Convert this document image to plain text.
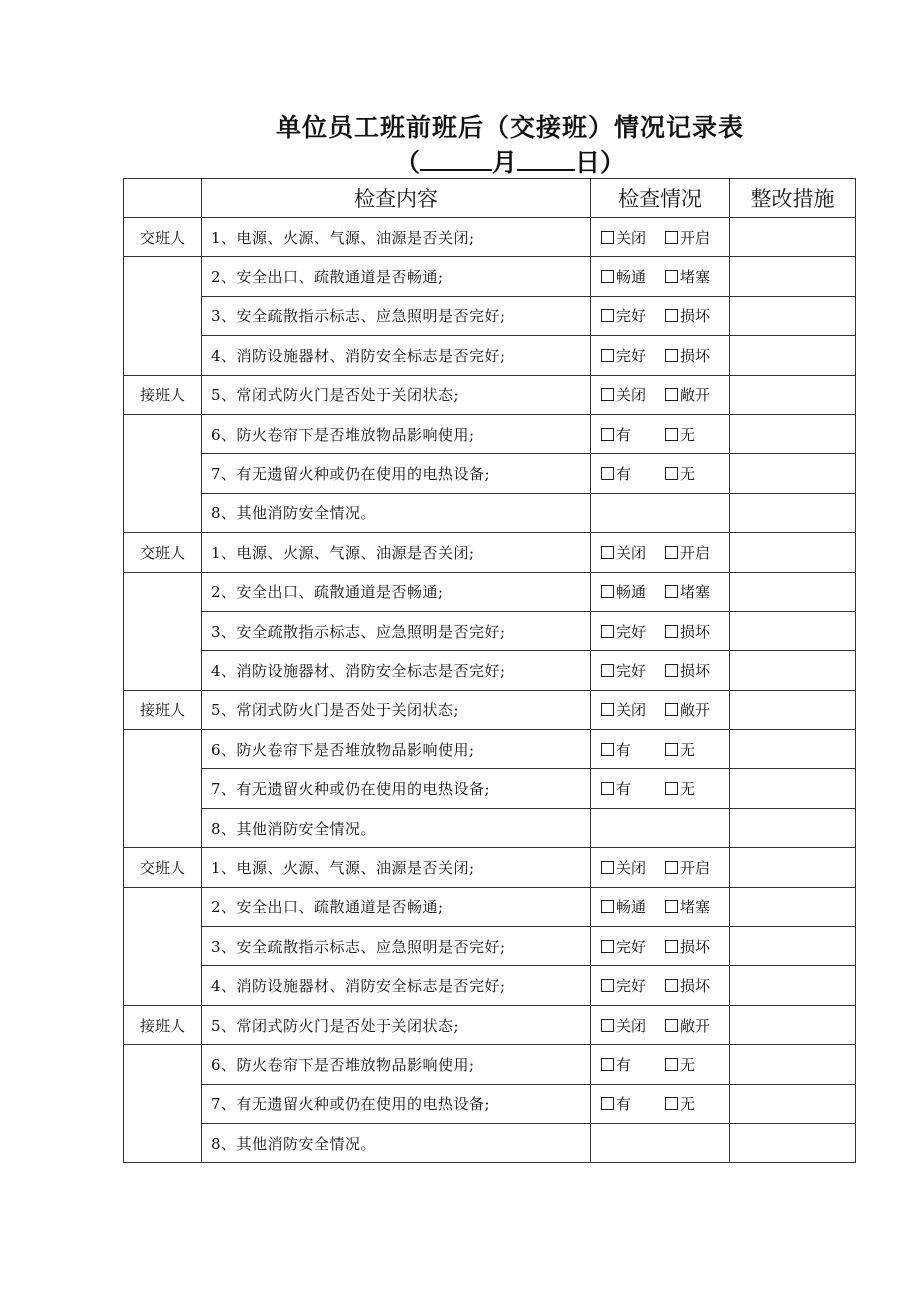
单位员工班前班后（交接班）情况记录表
（	月 日）
	检查内容	检查情况	整改措施
交班人	1、电源、火源、气源、油源是否关闭;	关闭 开启	
	2、安全出口、疏散通道是否畅通;	畅通 堵塞	
	3、安全疏散指示标志、应急照明是否完好;	完好 损坏	
	4、消防设施器材、消防安全标志是否完好;	完好 损坏	
接班人	5、常闭式防火门是否处于关闭状态;	关闭 敞开	
	6、防火卷帘下是否堆放物品影响使用;	有 无	
	7、有无遗留火种或仍在使用的电热设备;	有 无	
	8、其他消防安全情况。		
交班人	1、电源、火源、气源、油源是否关闭;	关闭 开启	
	2、安全出口、疏散通道是否畅通;	畅通 堵塞	
	3、安全疏散指示标志、应急照明是否完好;	完好 损坏	
	4、消防设施器材、消防安全标志是否完好;	完好 损坏	
接班人	5、常闭式防火门是否处于关闭状态;	关闭 敞开	
	6、防火卷帘下是否堆放物品影响使用;	有 无	
	7、有无遗留火种或仍在使用的电热设备;	有 无	
	8、其他消防安全情况。		
交班人	1、电源、火源、气源、油源是否关闭;	关闭 开启	
	2、安全出口、疏散通道是否畅通;	畅通 堵塞	
	3、安全疏散指示标志、应急照明是否完好;	完好 损坏	
	4、消防设施器材、消防安全标志是否完好;	完好 损坏	
接班人	5、常闭式防火门是否处于关闭状态;	关闭 敞开	
	6、防火卷帘下是否堆放物品影响使用;	有 无	
	7、有无遗留火种或仍在使用的电热设备;	有 无	
	8、其他消防安全情况。		
